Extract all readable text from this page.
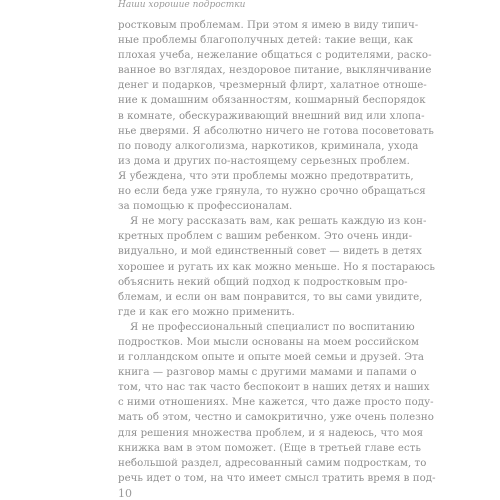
Наши хорошие подростки
ростковым проблемам. При этом я имею в виду типич-
ные проблемы благополучных детей: такие вещи, как
плохая учеба, нежелание общаться с родителями, раско-
ванное во взглядах, нездоровое питание, выклянчивание
денег и подарков, чрезмерный флирт, халатное отноше-
ние к домашним обязанностям, кошмарный беспорядок
в комнате, обескураживающий внешний вид или хлопа-
нье дверями. Я абсолютно ничего не готова посоветовать
по поводу алкоголизма, наркотиков, криминала, ухода
из дома и других по-настоящему серьезных проблем.
Я убеждена, что эти проблемы можно предотвратить,
но если беда уже грянула, то нужно срочно обращаться
за помощью к профессионалам.
Я не могу рассказать вам, как решать каждую из кон-
кретных проблем с вашим ребенком. Это очень инди-
видуально, и мой единственный совет — видеть в детях
хорошее и ругать их как можно меньше. Но я постараюсь
объяснить некий общий подход к подростковым про-
блемам, и если он вам понравится, то вы сами увидите,
где и как его можно применить.
Я не профессиональный специалист по воспитанию
подростков. Мои мысли основаны на моем российском
и голландском опыте и опыте моей семьи и друзей. Эта
книга — разговор мамы с другими мамами и папами о
том, что нас так часто беспокоит в наших детях и наших
с ними отношениях. Мне кажется, что даже просто поду-
мать об этом, честно и самокритично, уже очень полезно
для решения множества проблем, и я надеюсь, что моя
книжка вам в этом поможет. (Еще в третьей главе есть
небольшой раздел, адресованный самим подросткам, то
речь идет о том, на что имеет смысл тратить время в под-
10
